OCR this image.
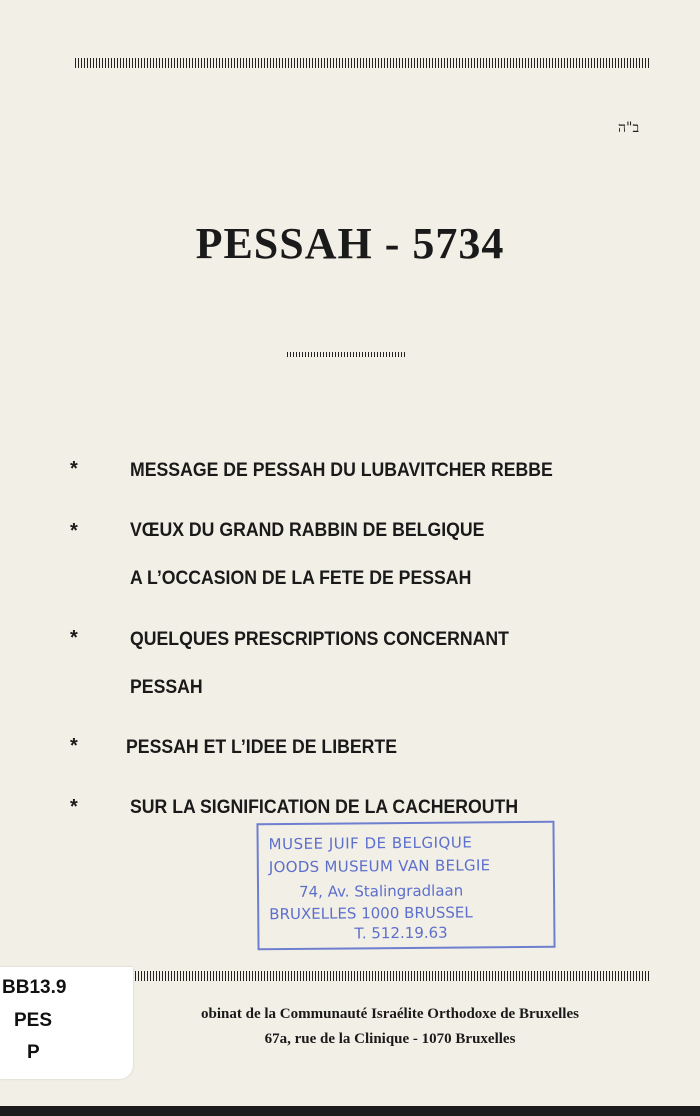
ב"ה
PESSAH - 5734
*	MESSAGE DE PESSAH DU LUBAVITCHER REBBE
*	VŒUX DU GRAND RABBIN DE BELGIQUE
A L’OCCASION DE LA FETE DE PESSAH
*	QUELQUES PRESCRIPTIONS CONCERNANT
PESSAH
*	PESSAH ET L’IDEE DE LIBERTE
*	SUR LA SIGNIFICATION DE LA CACHEROUTH
MUSEE JUIF DE BELGIQUE
JOODS MUSEUM VAN BELGIE
74, Av. Stalingradlaan
BRUXELLES 1000 BRUSSEL
T. 512.19.63
obinat de la Communauté Israélite Orthodoxe de Bruxelles
67a, rue de la Clinique - 1070 Bruxelles
BB13.9
PES
P
